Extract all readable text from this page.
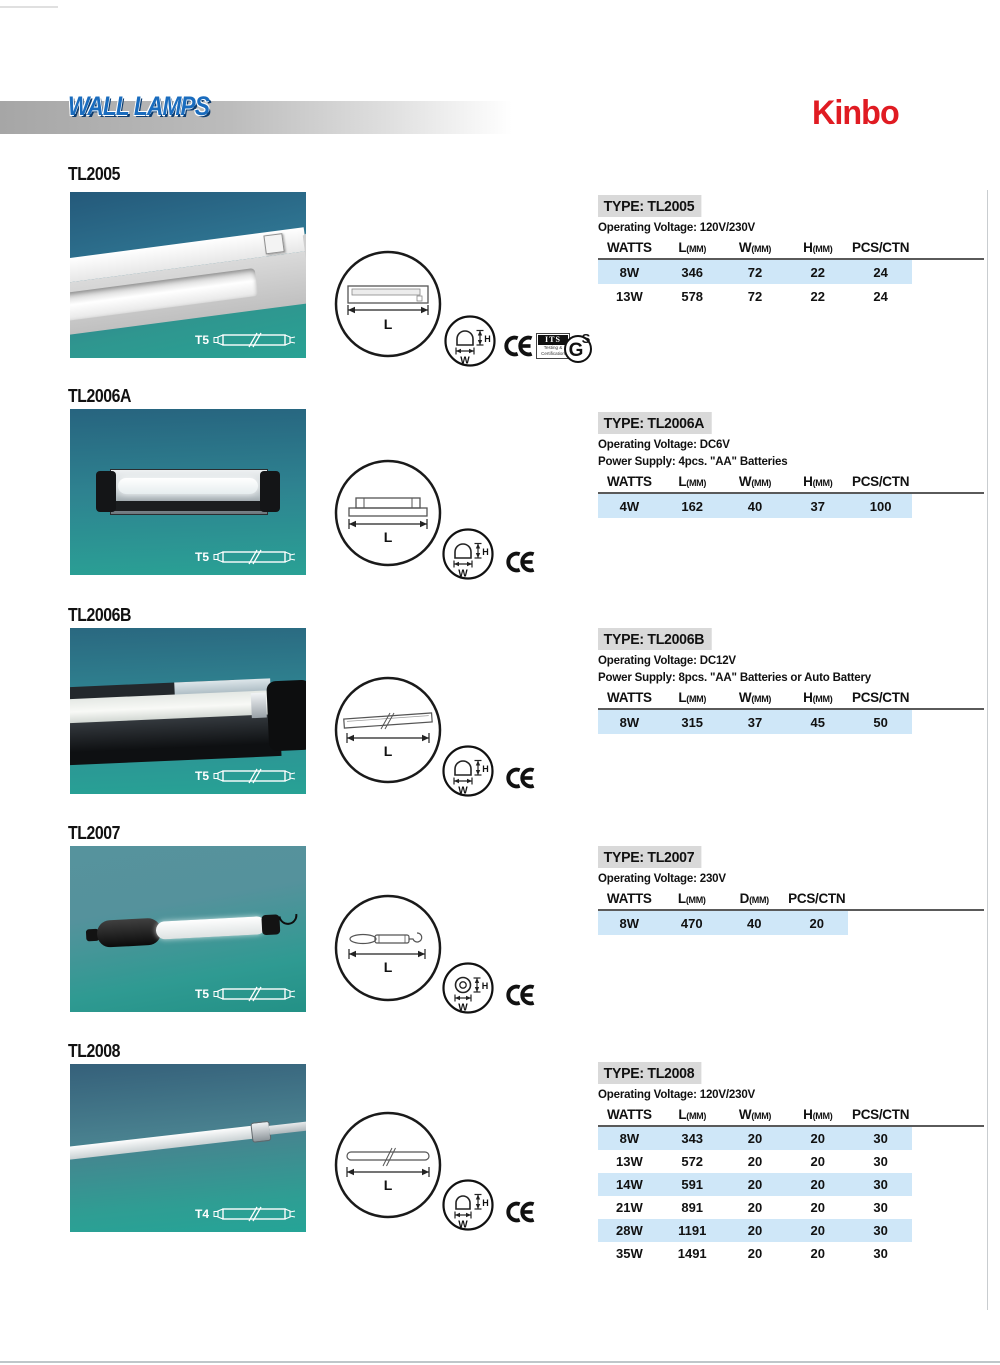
WALL LAMPS	Kinbo
TL2005
T5
L
H
W
ITS
Testing &
Certification G
S
TYPE: TL2005
Operating Voltage: 120V/230V
WATTS	L(MM)	W(MM)	H(MM)	PCS/CTN
8W	346	72	22	24
13W	578	72	22	24
TL2006A
T5
L
H
W
TYPE: TL2006A
Operating Voltage: DC6V
Power Supply: 4pcs. "AA" Batteries
WATTS	L(MM)	W(MM)	H(MM)	PCS/CTN
4W	162	40	37	100
TL2006B
T5
L
H
W
TYPE: TL2006B
Operating Voltage: DC12V
Power Supply: 8pcs. "AA" Batteries or Auto Battery
WATTS	L(MM)	W(MM)	H(MM)	PCS/CTN
8W	315	37	45	50
TL2007
T5
L
H
W
TYPE: TL2007
Operating Voltage: 230V
WATTS	L(MM)	D(MM)	PCS/CTN
8W	470	40	20
TL2008
T4
L
H
W
TYPE: TL2008
Operating Voltage: 120V/230V
WATTS	L(MM)	W(MM)	H(MM)	PCS/CTN
8W	343	20	20	30
13W	572	20	20	30
14W	591	20	20	30
21W	891	20	20	30
28W	1191	20	20	30
35W	1491	20	20	30
